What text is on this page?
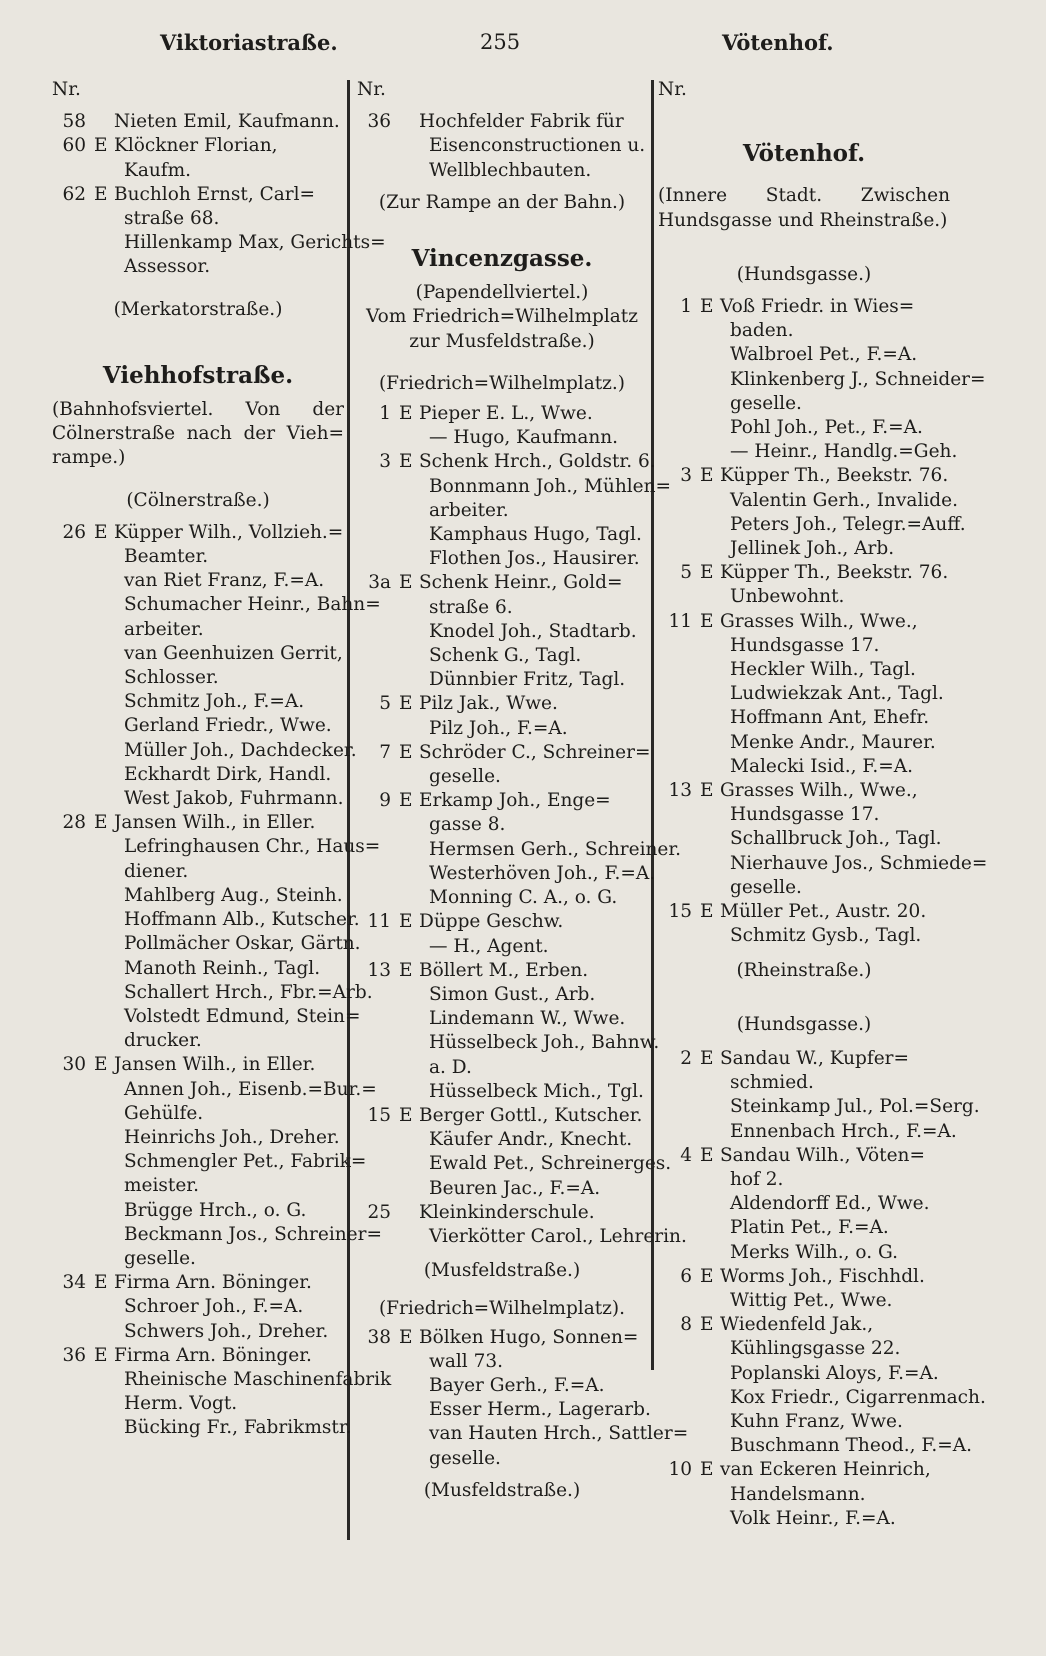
Viktoriastraße.	255	Vötenhof.
Nr.
58 Nieten Emil, Kaufmann.
60 E Klöckner Florian,
Kaufm.
62 E Buchloh Ernst, Carl=
straße 68.
Hillenkamp Max, Gerichts=
Assessor.
(Merkatorstraße.)
Viehhofstraße.
(Bahnhofsviertel. Von der Cölnerstraße nach der Vieh= rampe.)
(Cölnerstraße.)
26 E Küpper Wilh., Vollzieh.=
Beamter.
van Riet Franz, F.=A.
Schumacher Heinr., Bahn=
arbeiter.
van Geenhuizen Gerrit,
Schlosser.
Schmitz Joh., F.=A.
Gerland Friedr., Wwe.
Müller Joh., Dachdecker.
Eckhardt Dirk, Handl.
West Jakob, Fuhrmann.
28 E Jansen Wilh., in Eller.
Lefringhausen Chr., Haus=
diener.
Mahlberg Aug., Steinh.
Hoffmann Alb., Kutscher.
Pollmächer Oskar, Gärtn.
Manoth Reinh., Tagl.
Schallert Hrch., Fbr.=Arb.
Volstedt Edmund, Stein=
drucker.
30 E Jansen Wilh., in Eller.
Annen Joh., Eisenb.=Bur.=
Gehülfe.
Heinrichs Joh., Dreher.
Schmengler Pet., Fabrik=
meister.
Brügge Hrch., o. G.
Beckmann Jos., Schreiner=
geselle.
34 E Firma Arn. Böninger.
Schroer Joh., F.=A.
Schwers Joh., Dreher.
36 E Firma Arn. Böninger.
Rheinische Maschinenfabrik
Herm. Vogt.
Bücking Fr., Fabrikmstr.
Nr.
36 Hochfelder Fabrik für
Eisenconstructionen u.
Wellblechbauten.
(Zur Rampe an der Bahn.)
Vincenzgasse.
(Papendellviertel.)
Vom Friedrich=Wilhelmplatz zur Musfeldstraße.)
(Friedrich=Wilhelmplatz.)
1 E Pieper E. L., Wwe.
— Hugo, Kaufmann.
3 E Schenk Hrch., Goldstr. 6.
Bonnmann Joh., Mühlen=
arbeiter.
Kamphaus Hugo, Tagl.
Flothen Jos., Hausirer.
3a E Schenk Heinr., Gold=
straße 6.
Knodel Joh., Stadtarb.
Schenk G., Tagl.
Dünnbier Fritz, Tagl.
5 E Pilz Jak., Wwe.
Pilz Joh., F.=A.
7 E Schröder C., Schreiner=
geselle.
9 E Erkamp Joh., Enge=
gasse 8.
Hermsen Gerh., Schreiner.
Westerhöven Joh., F.=A.
Monning C. A., o. G.
11 E Düppe Geschw.
— H., Agent.
13 E Böllert M., Erben.
Simon Gust., Arb.
Lindemann W., Wwe.
Hüsselbeck Joh., Bahnw.
a. D.
Hüsselbeck Mich., Tgl.
15 E Berger Gottl., Kutscher.
Käufer Andr., Knecht.
Ewald Pet., Schreinerges.
Beuren Jac., F.=A.
25 Kleinkinderschule.
Vierkötter Carol., Lehrerin.
(Musfeldstraße.)
(Friedrich=Wilhelmplatz).
38 E Bölken Hugo, Sonnen=
wall 73.
Bayer Gerh., F.=A.
Esser Herm., Lagerarb.
van Hauten Hrch., Sattler=
geselle.
(Musfeldstraße.)
Nr.
Vötenhof.
(Innere Stadt. Zwischen Hundsgasse und Rheinstraße.)
(Hundsgasse.)
1 E Voß Friedr. in Wies=
baden.
Walbroel Pet., F.=A.
Klinkenberg J., Schneider=
geselle.
Pohl Joh., Pet., F.=A.
— Heinr., Handlg.=Geh.
3 E Küpper Th., Beekstr. 76.
Valentin Gerh., Invalide.
Peters Joh., Telegr.=Auff.
Jellinek Joh., Arb.
5 E Küpper Th., Beekstr. 76.
Unbewohnt.
11 E Grasses Wilh., Wwe.,
Hundsgasse 17.
Heckler Wilh., Tagl.
Ludwiekzak Ant., Tagl.
Hoffmann Ant, Ehefr.
Menke Andr., Maurer.
Malecki Isid., F.=A.
13 E Grasses Wilh., Wwe.,
Hundsgasse 17.
Schallbruck Joh., Tagl.
Nierhauve Jos., Schmiede=
geselle.
15 E Müller Pet., Austr. 20.
Schmitz Gysb., Tagl.
(Rheinstraße.)
(Hundsgasse.)
2 E Sandau W., Kupfer=
schmied.
Steinkamp Jul., Pol.=Serg.
Ennenbach Hrch., F.=A.
4 E Sandau Wilh., Vöten=
hof 2.
Aldendorff Ed., Wwe.
Platin Pet., F.=A.
Merks Wilh., o. G.
6 E Worms Joh., Fischhdl.
Wittig Pet., Wwe.
8 E Wiedenfeld Jak.,
Kühlingsgasse 22.
Poplanski Aloys, F.=A.
Kox Friedr., Cigarrenmach.
Kuhn Franz, Wwe.
Buschmann Theod., F.=A.
10 E van Eckeren Heinrich,
Handelsmann.
Volk Heinr., F.=A.
